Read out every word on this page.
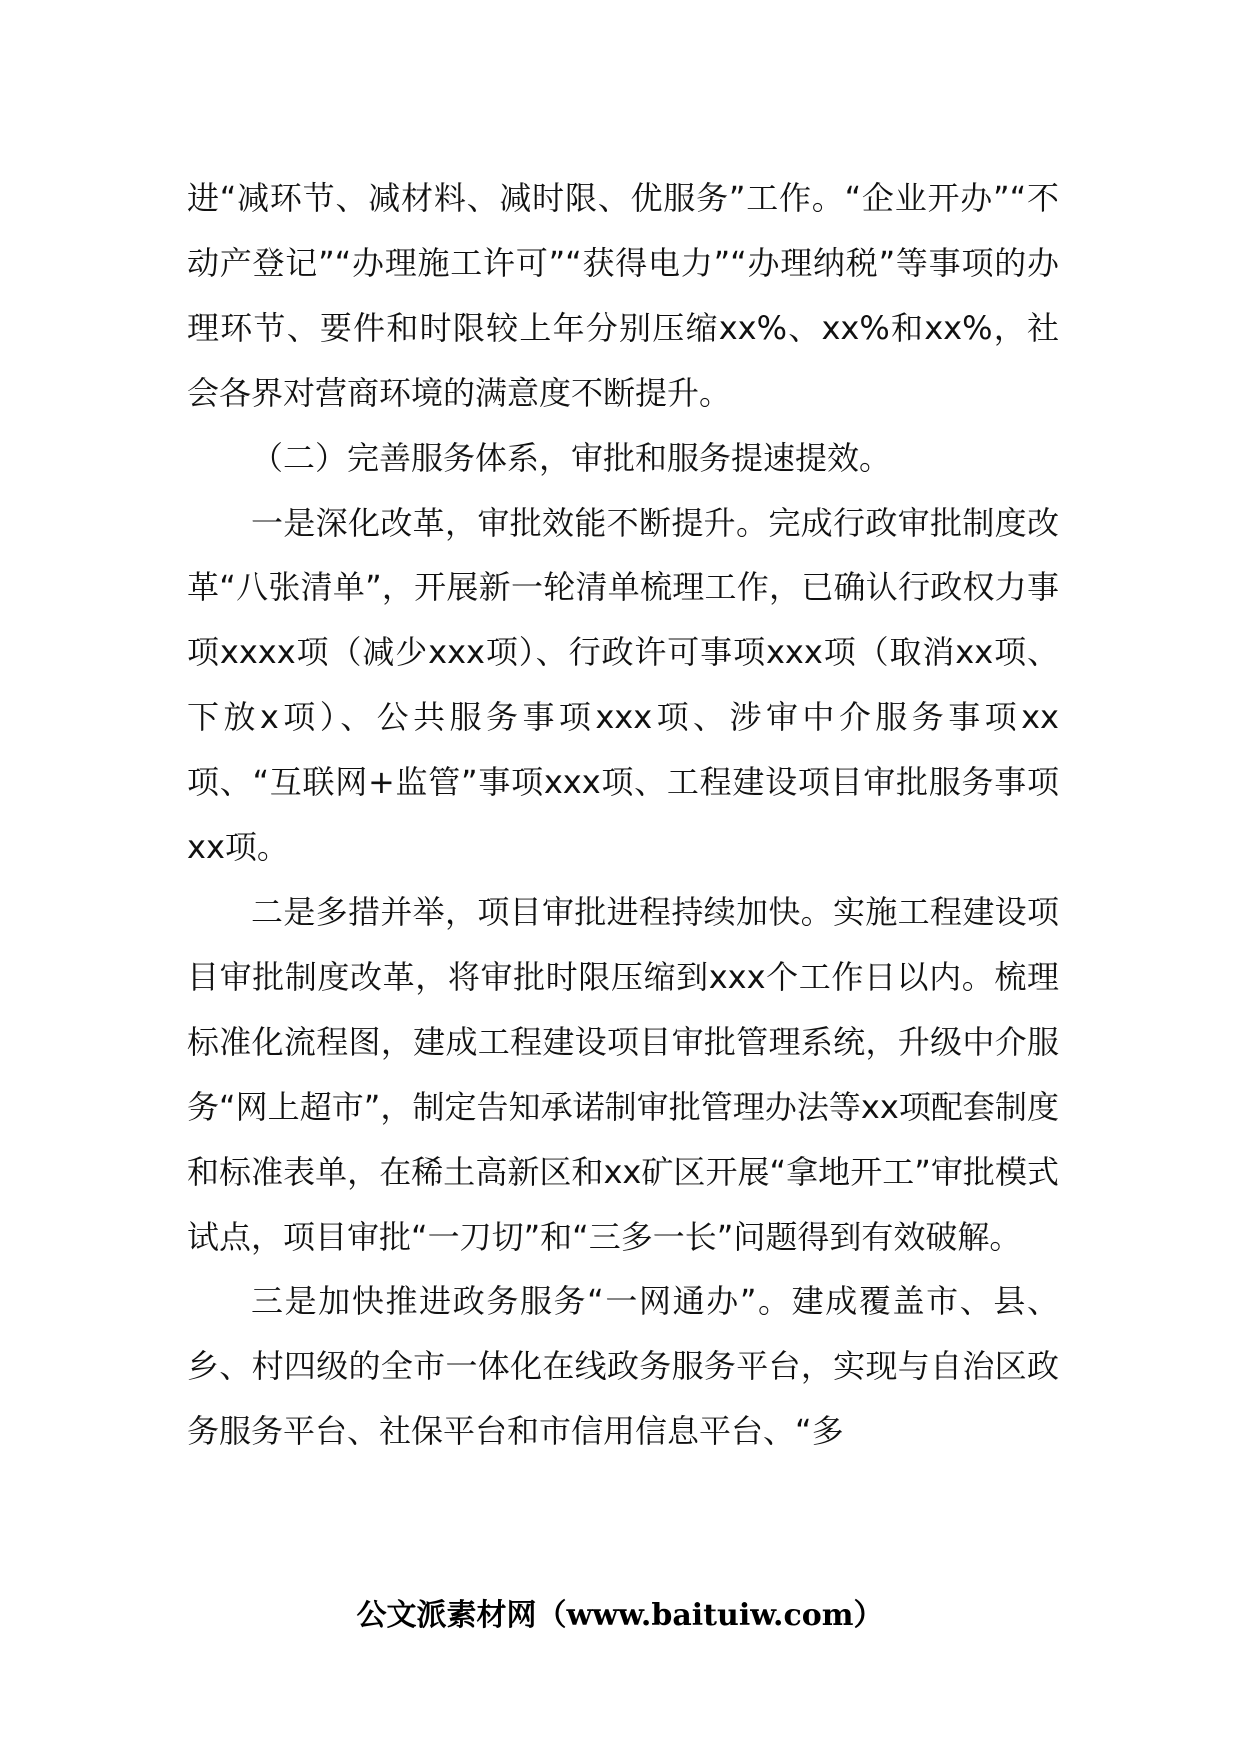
进“减环节、减材料、减时限、优服务”工作。“企业开办”“不动产登记”“办理施工许可”“获得电力”“办理纳税”等事项的办理环节、要件和时限较上年分别压缩xx%、xx%和xx%，社会各界对营商环境的满意度不断提升。

（二）完善服务体系，审批和服务提速提效。

一是深化改革，审批效能不断提升。完成行政审批制度改革“八张清单”，开展新一轮清单梳理工作，已确认行政权力事项xxxx项（减少xxx项）、行政许可事项xxx项（取消xx项、下放x项）、公共服务事项xxx项、涉审中介服务事项xx项、“互联网+监管”事项xxx项、工程建设项目审批服务事项xx项。

二是多措并举，项目审批进程持续加快。实施工程建设项目审批制度改革，将审批时限压缩到xxx个工作日以内。梳理标准化流程图，建成工程建设项目审批管理系统，升级中介服务“网上超市”，制定告知承诺制审批管理办法等xx项配套制度和标准表单，在稀土高新区和xx矿区开展“拿地开工”审批模式试点，项目审批“一刀切”和“三多一长”问题得到有效破解。

三是加快推进政务服务“一网通办”。建成覆盖市、县、乡、村四级的全市一体化在线政务服务平台，实现与自治区政务服务平台、社保平台和市信用信息平台、“多

公文派素材网（www.baituiw.com）
